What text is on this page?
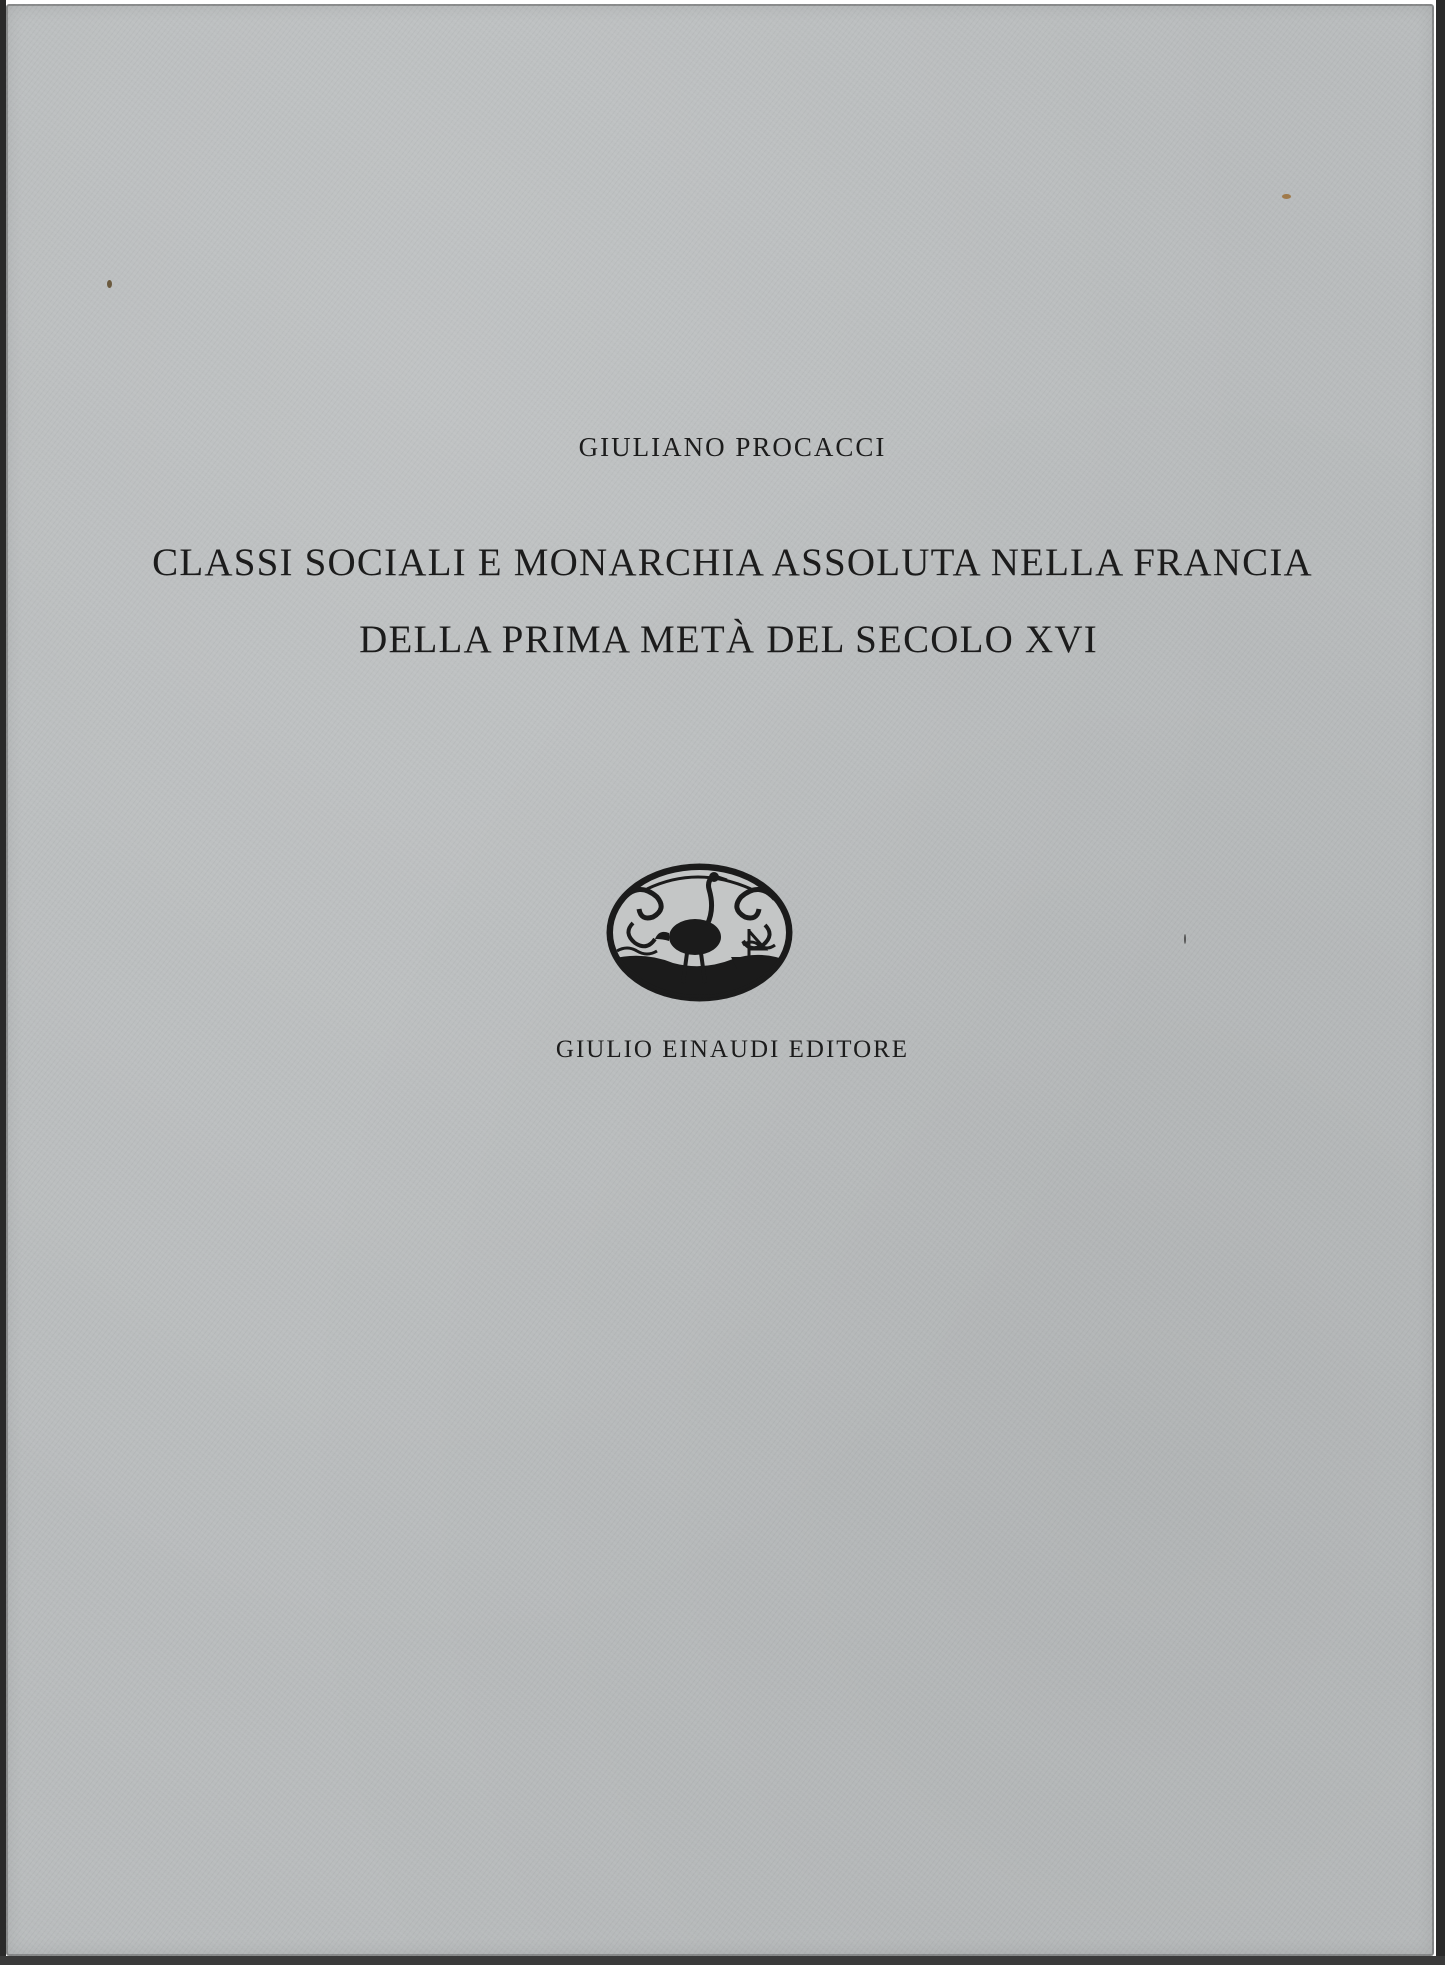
GIULIANO PROCACCI
CLASSI SOCIALI E MONARCHIA ASSOLUTA NELLA FRANCIA
DELLA PRIMA METÀ DEL SECOLO XVI
GIULIO EINAUDI EDITORE
